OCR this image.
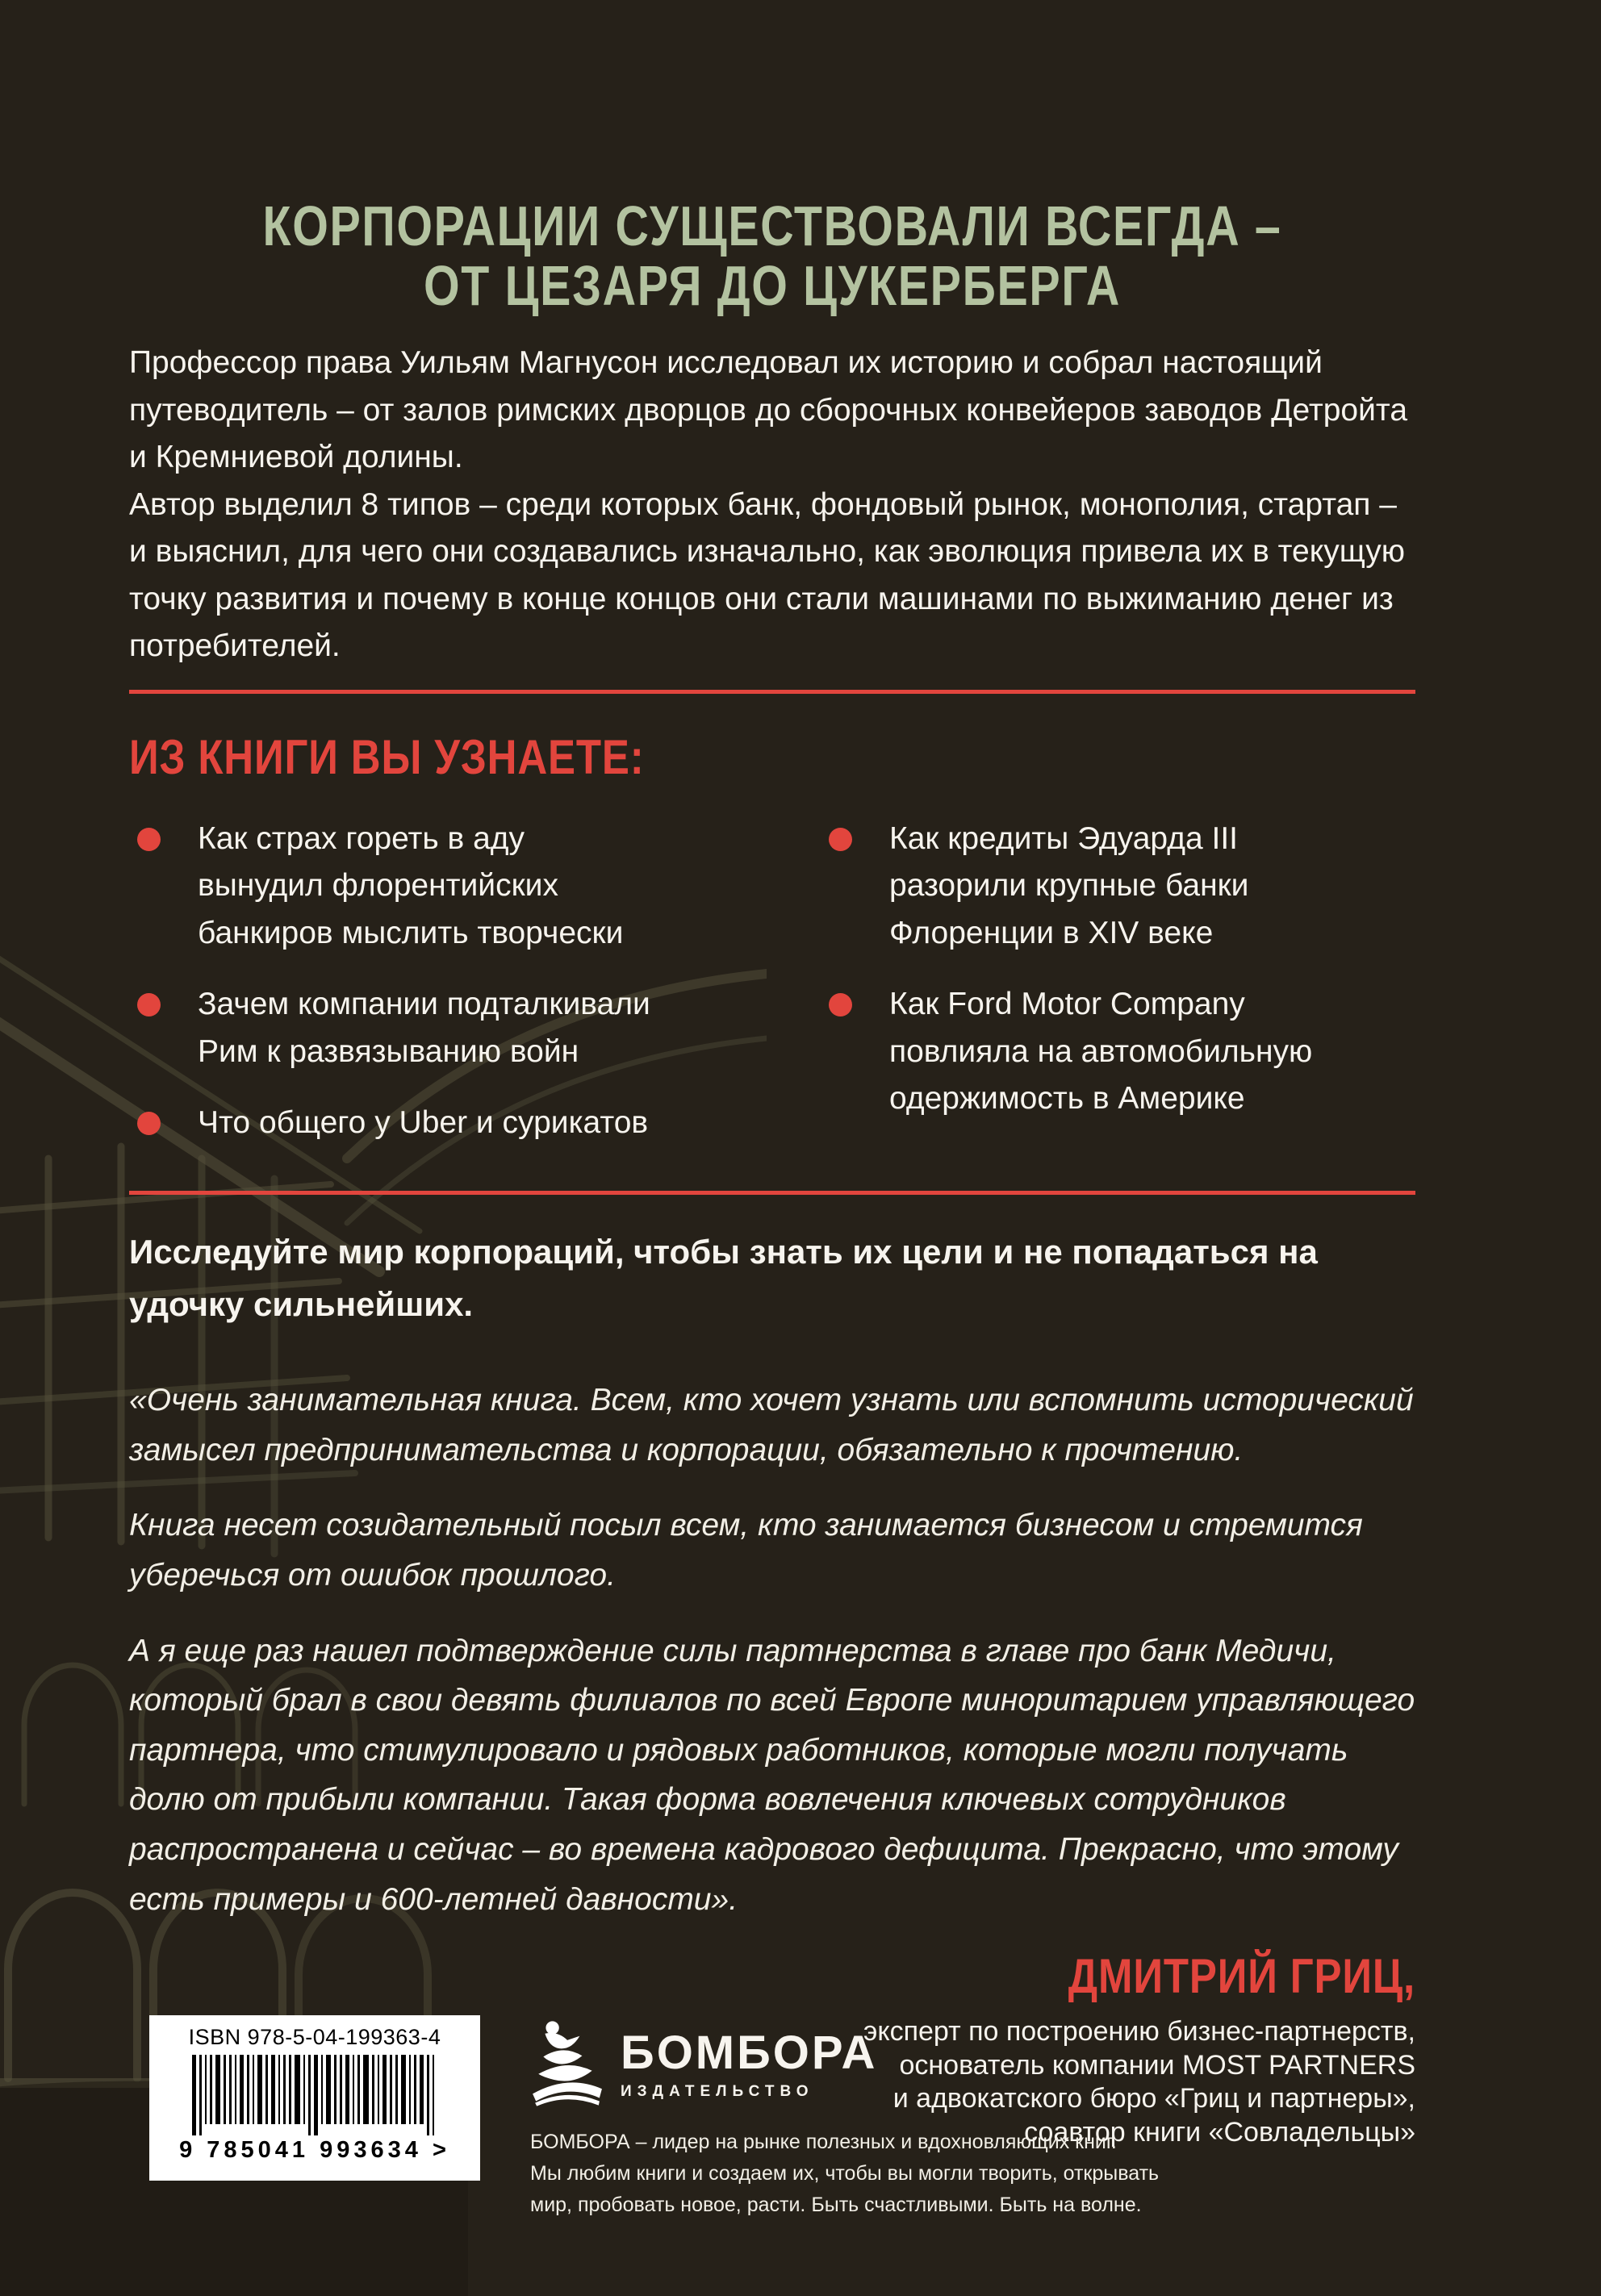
КОРПОРАЦИИ СУЩЕСТВОВАЛИ ВСЕГДА –
ОТ ЦЕЗАРЯ ДО ЦУКЕРБЕРГА

Профессор права Уильям Магнусон исследовал их историю и собрал настоящий путеводитель – от залов римских дворцов до сборочных конвейеров заводов Детройта и Кремниевой долины.

Автор выделил 8 типов – среди которых банк, фондовый рынок, монополия, стартап – и выяснил, для чего они создавались изначально, как эволюция привела их в текущую точку развития и почему в конце концов они стали машинами по выжиманию денег из потребителей.

ИЗ КНИГИ ВЫ УЗНАЕТЕ:
Как страх гореть в аду вынудил флорентийских банкиров мыслить творчески
Зачем компании подталкивали Рим к развязыванию войн
Что общего у Uber и сурикатов
Как кредиты Эдуарда III разорили крупные банки Флоренции в XIV веке
Как Ford Motor Company повлияла на автомобильную одержимость в Америке

Исследуйте мир корпораций, чтобы знать их цели и не попадаться на удочку сильнейших.

«Очень занимательная книга. Всем, кто хочет узнать или вспомнить исторический замысел предпринимательства и корпорации, обязательно к прочтению.

Книга несет созидательный посыл всем, кто занимается бизнесом и стремится уберечься от ошибок прошлого.

А я еще раз нашел подтверждение силы партнерства в главе про банк Медичи, который брал в свои девять филиалов по всей Европе миноритарием управляющего партнера, что стимулировало и рядовых работников, которые могли получать долю от прибыли компании. Такая форма вовлечения ключевых сотрудников распространена и сейчас – во времена кадрового дефицита. Прекрасно, что этому есть примеры и 600-летней давности».

ДМИТРИЙ ГРИЦ,
эксперт по построению бизнес-партнерств,
основатель компании MOST PARTNERS
и адвокатского бюро «Гриц и партнеры»,
соавтор книги «Совладельцы»
ISBN 978-5-04-199363-4
9 785041 993634 >
БОМБОРА
ИЗДАТЕЛЬСТВО
БОМБОРА – лидер на рынке полезных и вдохновляющих книг.
Мы любим книги и создаем их, чтобы вы могли творить, открывать
мир, пробовать новое, расти. Быть счастливыми. Быть на волне.
